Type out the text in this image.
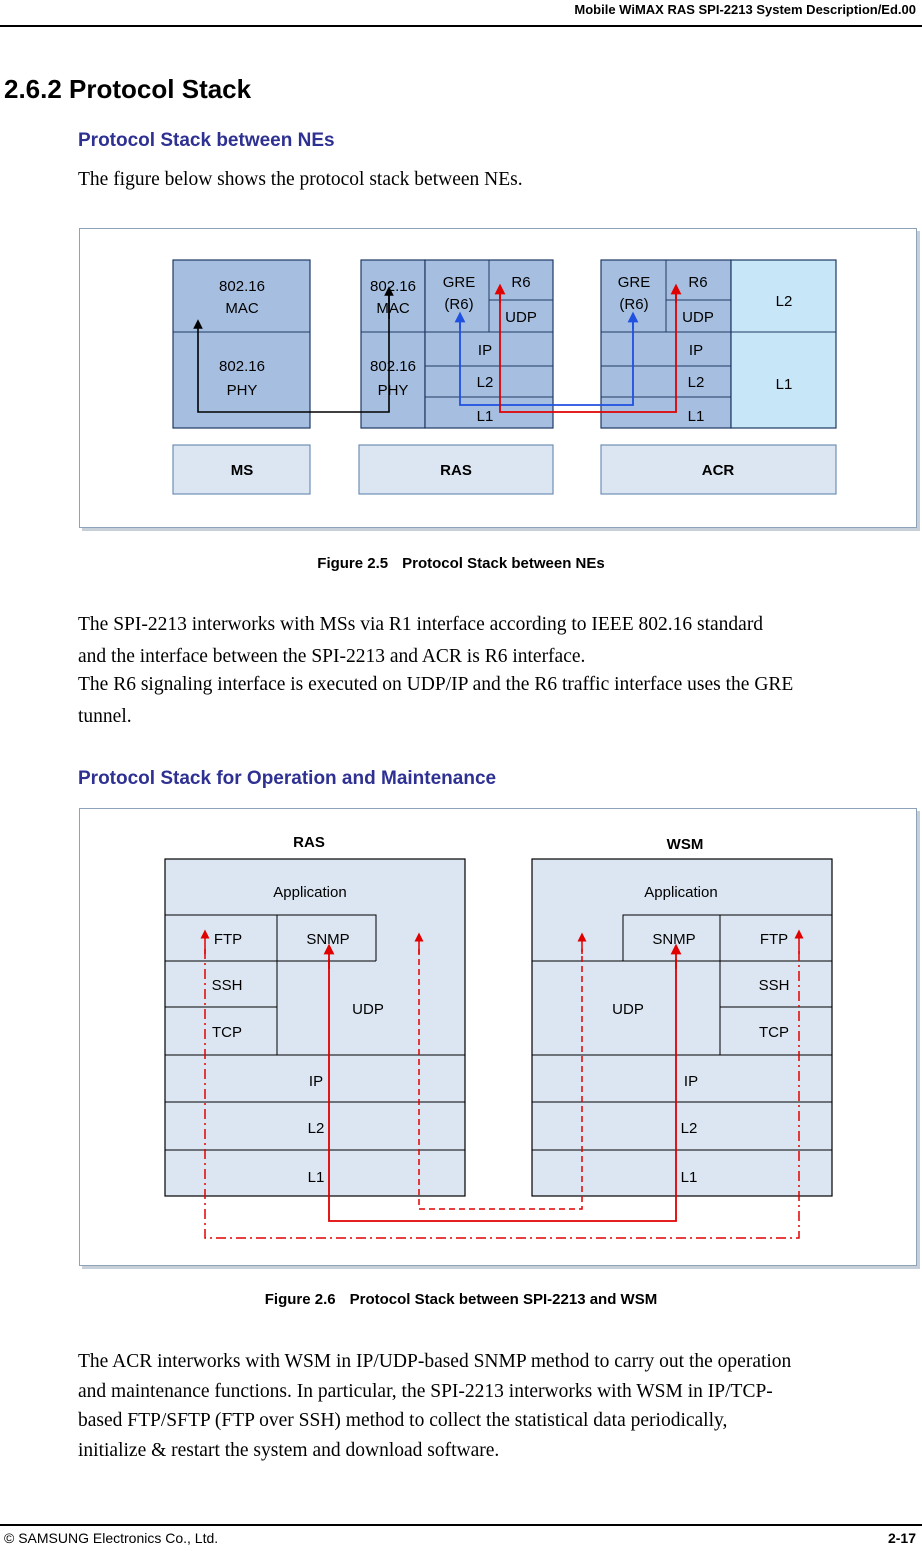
Mobile WiMAX RAS SPI-2213 System Description/Ed.00
2.6.2 Protocol Stack
Protocol Stack between NEs

The figure below shows the protocol stack between NEs.

802.16
MAC
802.16
PHY
802.16
MAC
802.16
PHY
GRE
(R6)
R6
UDP
IP
L2
L1
GRE
(R6)
R6
UDP
IP
L2
L1
L2
L1
MS	RAS	ACR
Figure 2.5 Protocol Stack between NEs

The SPI-2213 interworks with MSs via R1 interface according to IEEE 802.16 standard

and the interface between the SPI-2213 and ACR is R6 interface.

The R6 signaling interface is executed on UDP/IP and the R6 traffic interface uses the GRE

tunnel.

Protocol Stack for Operation and Maintenance
RAS	WSM
Application
FTP	SNMP
SSH
TCP
UDP
IP
L2
L1
Application
SNMP	FTP
SSH
TCP
UDP
IP
L2
L1
Figure 2.6 Protocol Stack between SPI-2213 and WSM

The ACR interworks with WSM in IP/UDP-based SNMP method to carry out the operation

and maintenance functions. In particular, the SPI-2213 interworks with WSM in IP/TCP-

based FTP/SFTP (FTP over SSH) method to collect the statistical data periodically,

initialize & restart the system and download software.

© SAMSUNG Electronics Co., Ltd.	2-17
